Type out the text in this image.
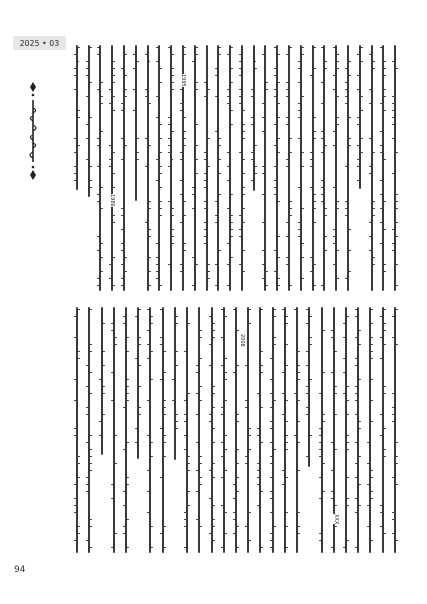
2025 • 03
1986
1995
2008
XXX
94
